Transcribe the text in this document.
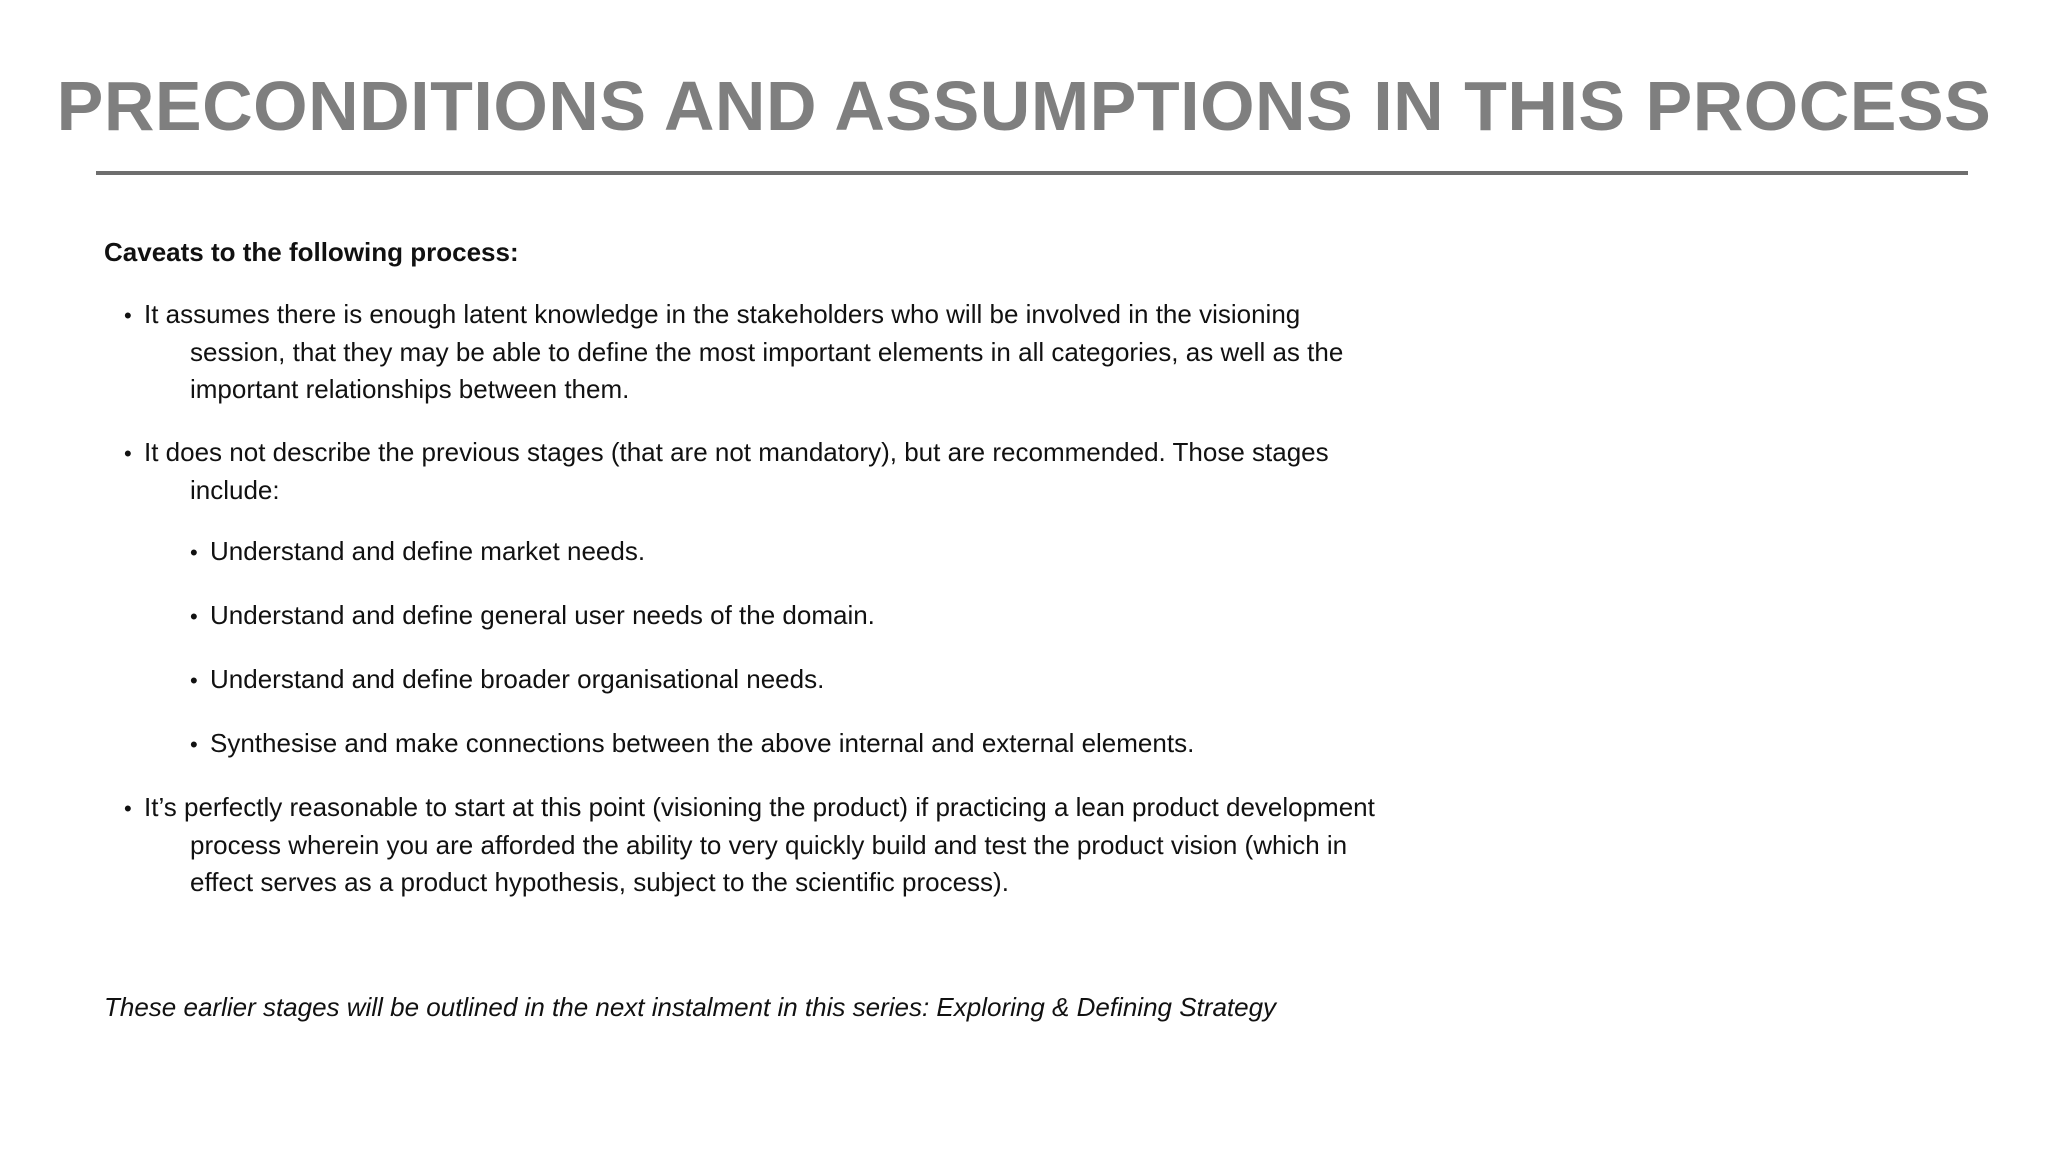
PRECONDITIONS AND ASSUMPTIONS IN THIS PROCESS

Caveats to the following process:

• It assumes there is enough latent knowledge in the stakeholders who will be involved in the visioning session, that they may be able to define the most important elements in all categories, as well as the important relationships between them.

• It does not describe the previous stages (that are not mandatory), but are recommended. Those stages include:

• Understand and define market needs.

• Understand and define general user needs of the domain.

• Understand and define broader organisational needs.

• Synthesise and make connections between the above internal and external elements.

• It’s perfectly reasonable to start at this point (visioning the product) if practicing a lean product development process wherein you are afforded the ability to very quickly build and test the product vision (which in effect serves as a product hypothesis, subject to the scientific process).

These earlier stages will be outlined in the next instalment in this series: Exploring & Defining Strategy
